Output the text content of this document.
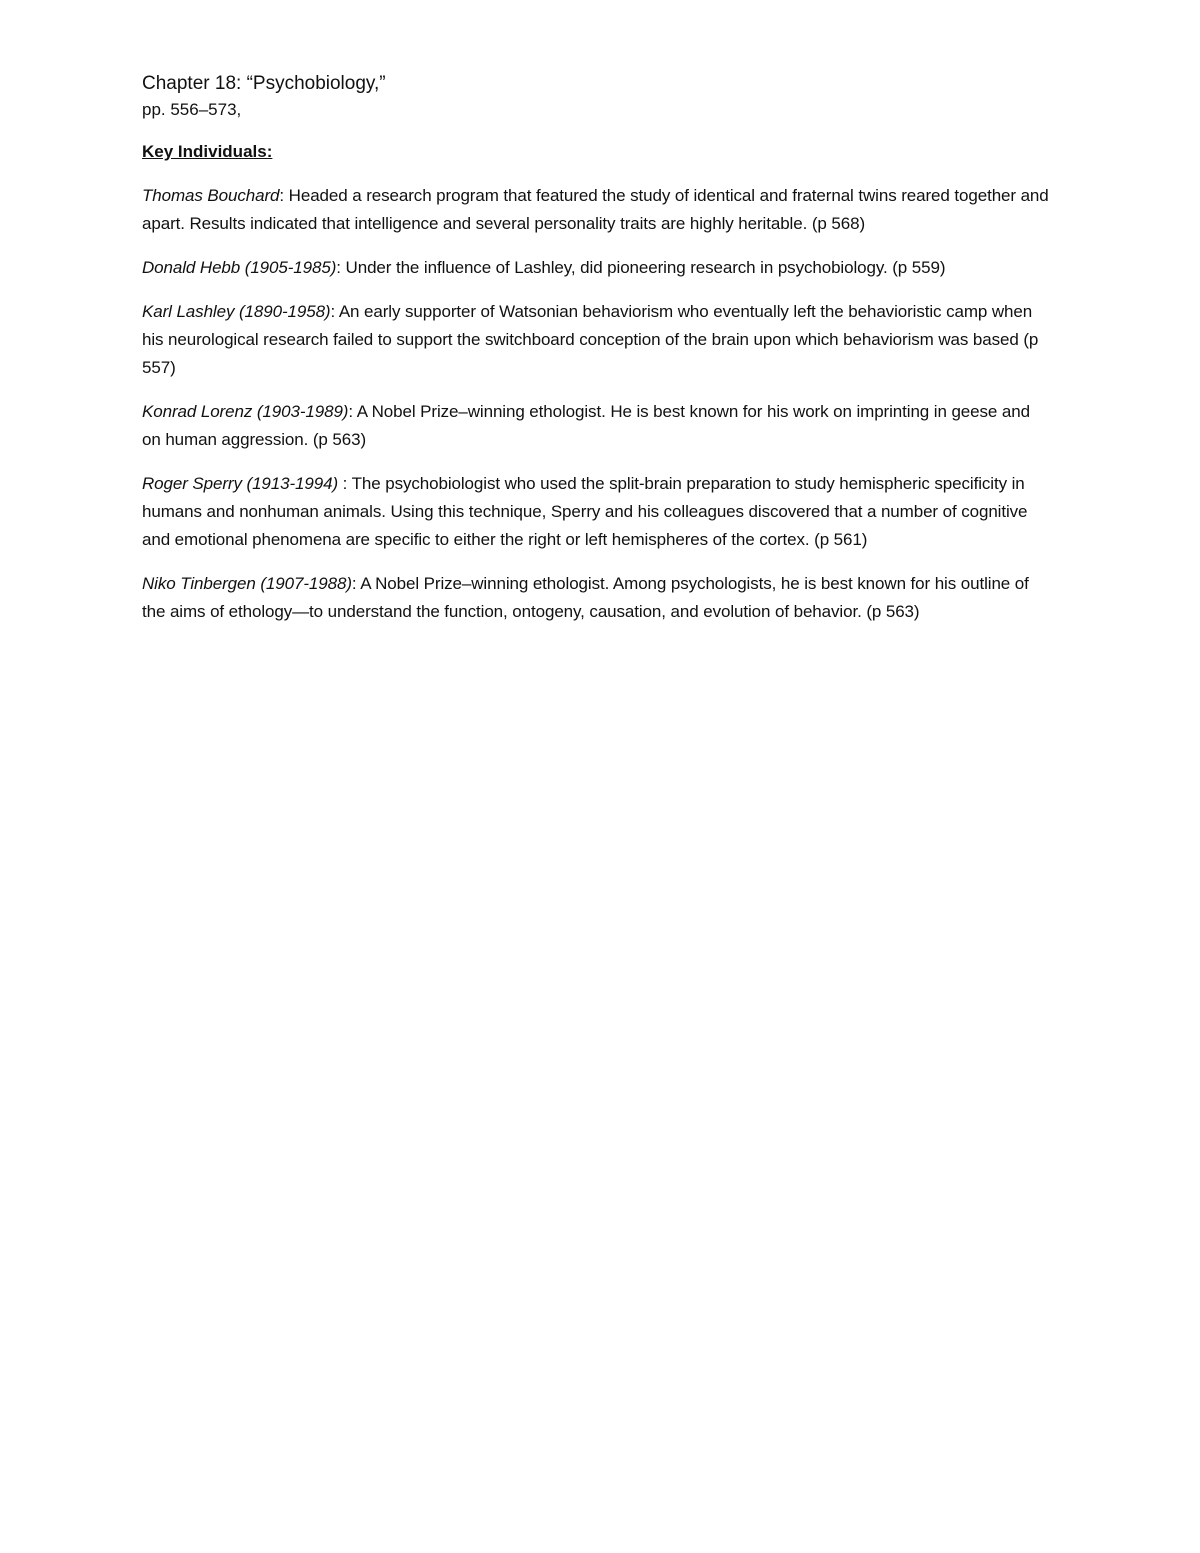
Chapter 18: “Psychobiology,”

pp. 556–573,

Key Individuals:

Thomas Bouchard: Headed a research program that featured the study of identical and fraternal twins reared together and apart. Results indicated that intelligence and several personality traits are highly heritable. (p 568)

Donald Hebb (1905-1985): Under the influence of Lashley, did pioneering research in psychobiology. (p 559)

Karl Lashley (1890-1958): An early supporter of Watsonian behaviorism who eventually left the behavioristic camp when his neurological research failed to support the switchboard conception of the brain upon which behaviorism was based (p 557)

Konrad Lorenz (1903-1989): A Nobel Prize–winning ethologist. He is best known for his work on imprinting in geese and on human aggression. (p 563)

Roger Sperry (1913-1994) : The psychobiologist who used the split-brain preparation to study hemispheric specificity in humans and nonhuman animals. Using this technique, Sperry and his colleagues discovered that a number of cognitive and emotional phenomena are specific to either the right or left hemispheres of the cortex. (p 561)

Niko Tinbergen (1907-1988): A Nobel Prize–winning ethologist. Among psychologists, he is best known for his outline of the aims of ethology—to understand the function, ontogeny, causation, and evolution of behavior. (p 563)
